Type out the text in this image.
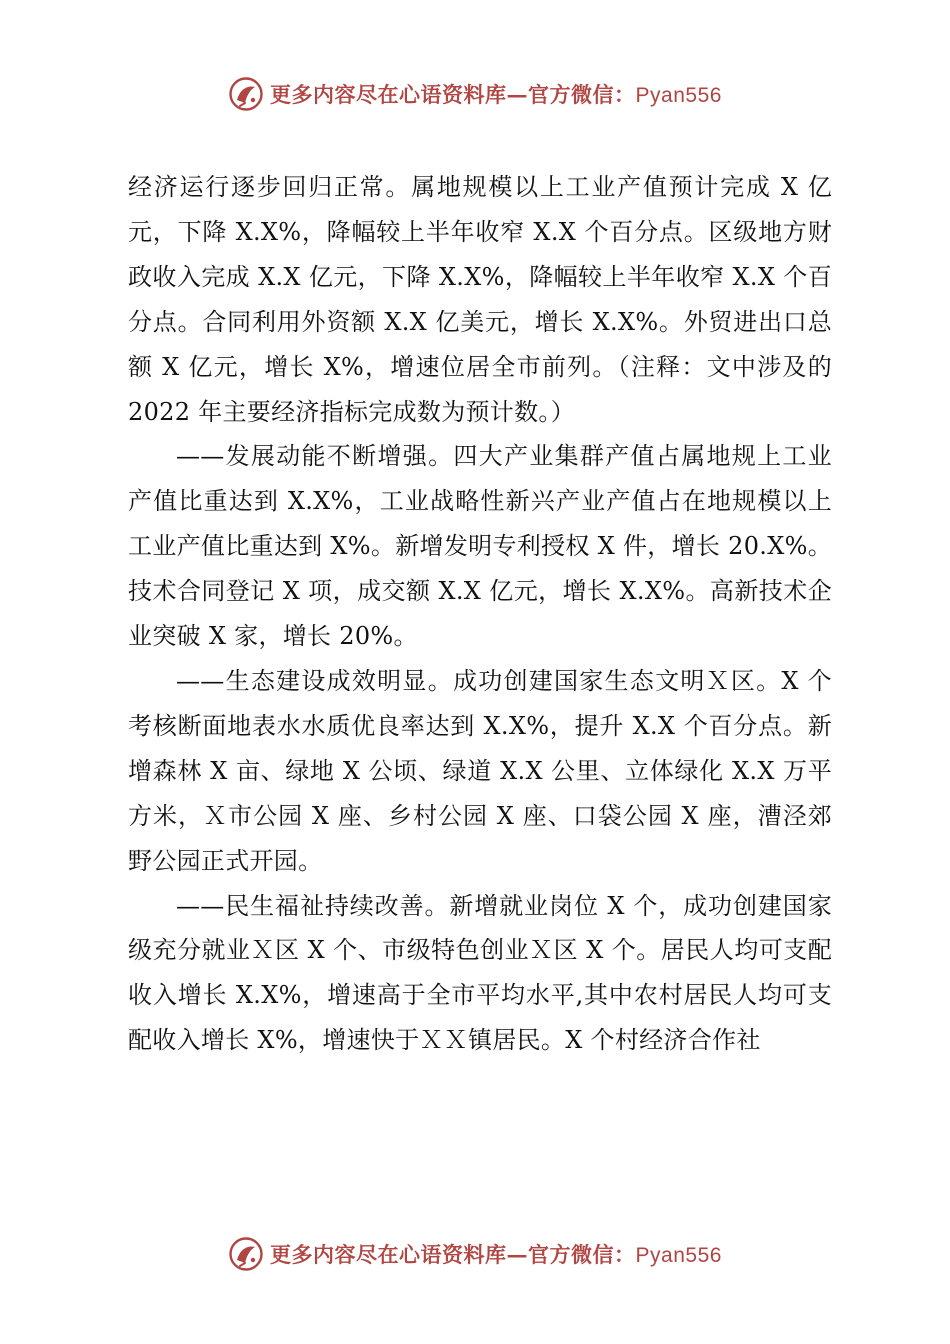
更多内容尽在心语资料库—官方微信：Pyan556

经济运行逐步回归正常。属地规模以上工业产值预计完成 X 亿元，下降 X.X%，降幅较上半年收窄 X.X 个百分点。区级地方财政收入完成 X.X 亿元，下降 X.X%，降幅较上半年收窄 X.X 个百分点。合同利用外资额 X.X 亿美元，增长 X.X%。外贸进出口总额 X 亿元，增长 X%，增速位居全市前列。（注释：文中涉及的2022 年主要经济指标完成数为预计数。）

——发展动能不断增强。四大产业集群产值占属地规上工业产值比重达到 X.X%，工业战略性新兴产业产值占在地规模以上工业产值比重达到 X%。新增发明专利授权 X 件，增长 20.X%。技术合同登记 X 项，成交额 X.X 亿元，增长 X.X%。高新技术企业突破 X 家，增长 20%。

——生态建设成效明显。成功创建国家生态文明Ｘ区。X 个考核断面地表水水质优良率达到 X.X%，提升 X.X 个百分点。新增森林 X 亩、绿地 X 公顷、绿道 X.X 公里、立体绿化 X.X 万平方米，Ｘ市公园 X 座、乡村公园 X 座、口袋公园 X 座，漕泾郊野公园正式开园。

——民生福祉持续改善。新增就业岗位 X 个，成功创建国家级充分就业Ｘ区 X 个、市级特色创业Ｘ区 X 个。居民人均可支配收入增长 X.X%，增速高于全市平均水平,其中农村居民人均可支配收入增长 X%，增速快于ＸＸ镇居民。X 个村经济合作社

更多内容尽在心语资料库—官方微信：Pyan556
